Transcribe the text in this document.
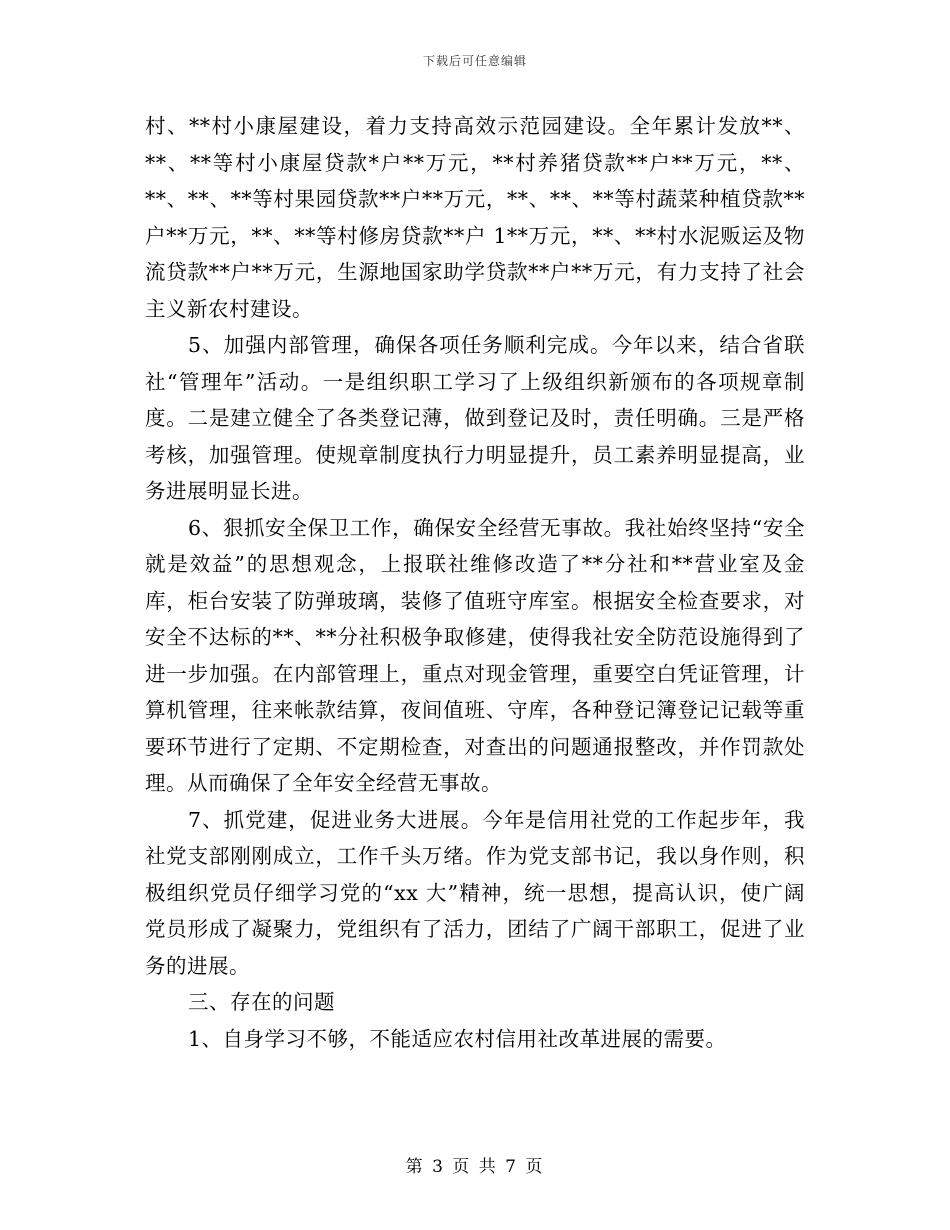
下载后可任意编辑

村、**村小康屋建设，着力支持高效示范园建设。全年累计发放**、**、**等村小康屋贷款*户**万元，**村养猪贷款**户**万元，**、**、**、**等村果园贷款**户**万元，**、**、**等村蔬菜种植贷款**户**万元，**、**等村修房贷款**户 1**万元，**、**村水泥贩运及物流贷款**户**万元，生源地国家助学贷款**户**万元，有力支持了社会主义新农村建设。

5、加强内部管理，确保各项任务顺利完成。今年以来，结合省联社“管理年”活动。一是组织职工学习了上级组织新颁布的各项规章制度。二是建立健全了各类登记薄，做到登记及时，责任明确。三是严格考核，加强管理。使规章制度执行力明显提升，员工素养明显提高，业务进展明显长进。

6、狠抓安全保卫工作，确保安全经营无事故。我社始终坚持“安全就是效益”的思想观念，上报联社维修改造了**分社和**营业室及金库，柜台安装了防弹玻璃，装修了值班守库室。根据安全检查要求，对安全不达标的**、**分社积极争取修建，使得我社安全防范设施得到了进一步加强。在内部管理上，重点对现金管理，重要空白凭证管理，计算机管理，往来帐款结算，夜间值班、守库，各种登记簿登记记载等重要环节进行了定期、不定期检查，对查出的问题通报整改，并作罚款处理。从而确保了全年安全经营无事故。

7、抓党建，促进业务大进展。今年是信用社党的工作起步年，我社党支部刚刚成立，工作千头万绪。作为党支部书记，我以身作则，积极组织党员仔细学习党的“xx 大”精神，统一思想，提高认识，使广阔党员形成了凝聚力，党组织有了活力，团结了广阔干部职工，促进了业务的进展。

三、存在的问题

1、自身学习不够，不能适应农村信用社改革进展的需要。

第 3 页 共 7 页
